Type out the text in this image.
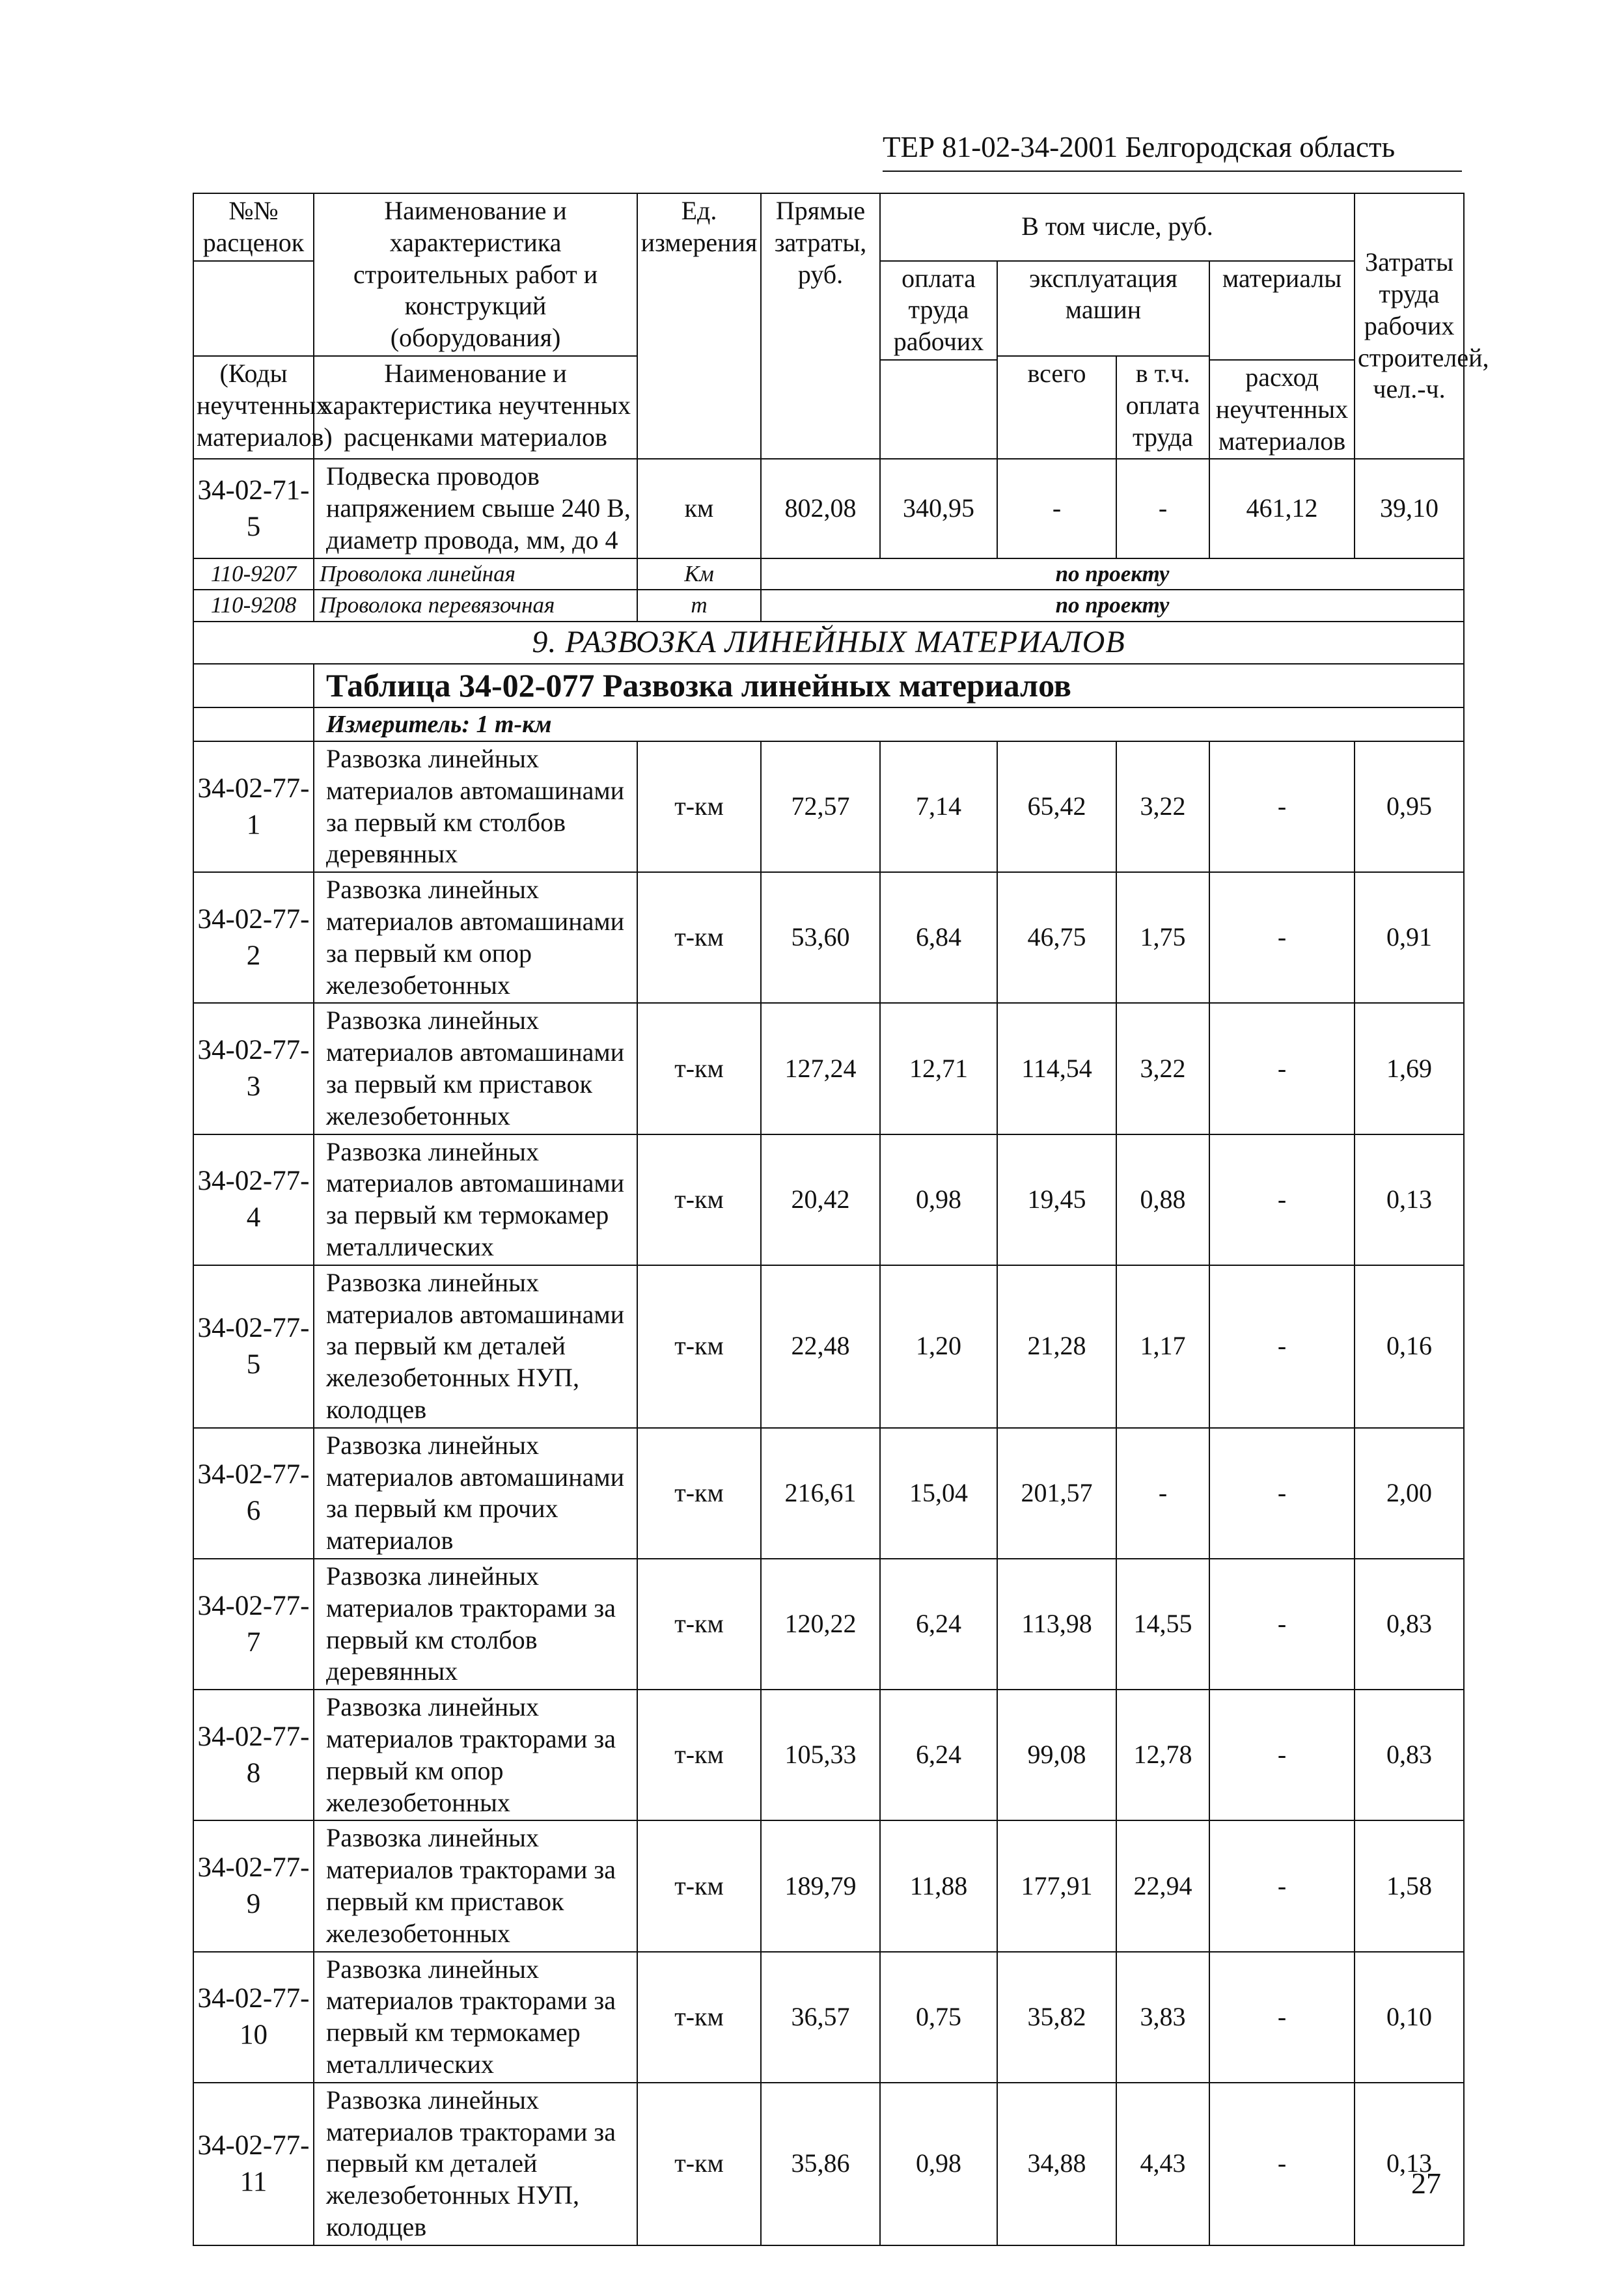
ТЕР 81-02-34-2001 Белгородская область
№№ расценок	Наименование и характеристика строительных работ и конструкций (оборудования)	Ед. измерения	Прямые затраты, руб.	В том числе, руб.				Затраты труда рабочих строителей, чел.-ч.
				оплата труда рабочих	эксплуатация машин		материалы	
(Коды неучтенных материалов)	Наименование и характеристика неучтенных расценками материалов				всего	в т.ч. оплата труда		
							расход неучтенных материалов	
34-02-71-5	Подвеска проводов напряжением свыше 240 В, диаметр провода, мм, до 4	км	802,08	340,95	-	-	461,12	39,10
110-9207	Проволока линейная	Км	по проекту					
110-9208	Проволока перевязочная	т	по проекту					
9. РАЗВОЗКА ЛИНЕЙНЫХ МАТЕРИАЛОВ								
	Таблица 34-02-077 Развозка линейных материалов							
	Измеритель: 1 т-км							
34-02-77-1	Развозка линейных материалов автомашинами за первый км столбов деревянных	т-км	72,57	7,14	65,42	3,22	-	0,95
34-02-77-2	Развозка линейных материалов автомашинами за первый км опор железобетонных	т-км	53,60	6,84	46,75	1,75	-	0,91
34-02-77-3	Развозка линейных материалов автомашинами за первый км приставок железобетонных	т-км	127,24	12,71	114,54	3,22	-	1,69
34-02-77-4	Развозка линейных материалов автомашинами за первый км термокамер металлических	т-км	20,42	0,98	19,45	0,88	-	0,13
34-02-77-5	Развозка линейных материалов автомашинами за первый км деталей железобетонных НУП, колодцев	т-км	22,48	1,20	21,28	1,17	-	0,16
34-02-77-6	Развозка линейных материалов автомашинами за первый км прочих материалов	т-км	216,61	15,04	201,57	-	-	2,00
34-02-77-7	Развозка линейных материалов тракторами за первый км столбов деревянных	т-км	120,22	6,24	113,98	14,55	-	0,83
34-02-77-8	Развозка линейных материалов тракторами за первый км опор железобетонных	т-км	105,33	6,24	99,08	12,78	-	0,83
34-02-77-9	Развозка линейных материалов тракторами за первый км приставок железобетонных	т-км	189,79	11,88	177,91	22,94	-	1,58
34-02-77-10	Развозка линейных материалов тракторами за первый км термокамер металлических	т-км	36,57	0,75	35,82	3,83	-	0,10
34-02-77-11	Развозка линейных материалов тракторами за первый км деталей железобетонных НУП, колодцев	т-км	35,86	0,98	34,88	4,43	-	0,13
27
